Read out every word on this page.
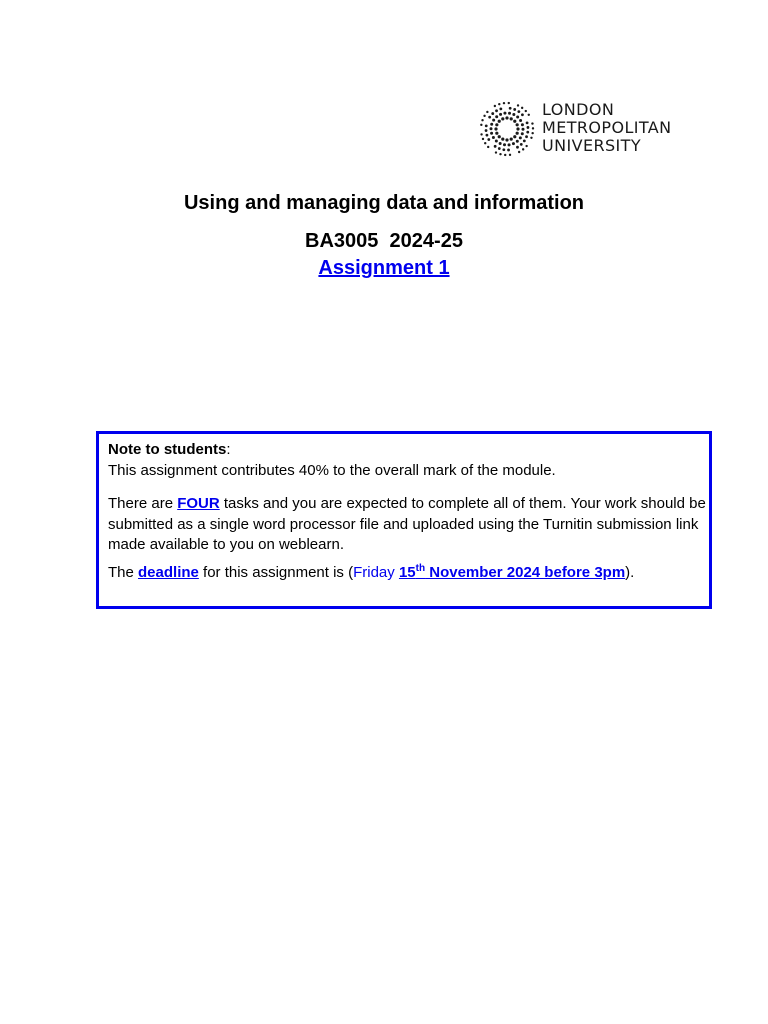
LONDON
METROPOLITAN
UNIVERSITY
Using and managing data and information
BA3005  2024-25
Assignment 1

Note to students:

This assignment contributes 40% to the overall mark of the module.

There are FOUR tasks and you are expected to complete all of them. Your work should be submitted as a single word processor file and uploaded using the Turnitin submission link made available to you on weblearn.

The deadline for this assignment is (Friday 15th November 2024 before 3pm).
